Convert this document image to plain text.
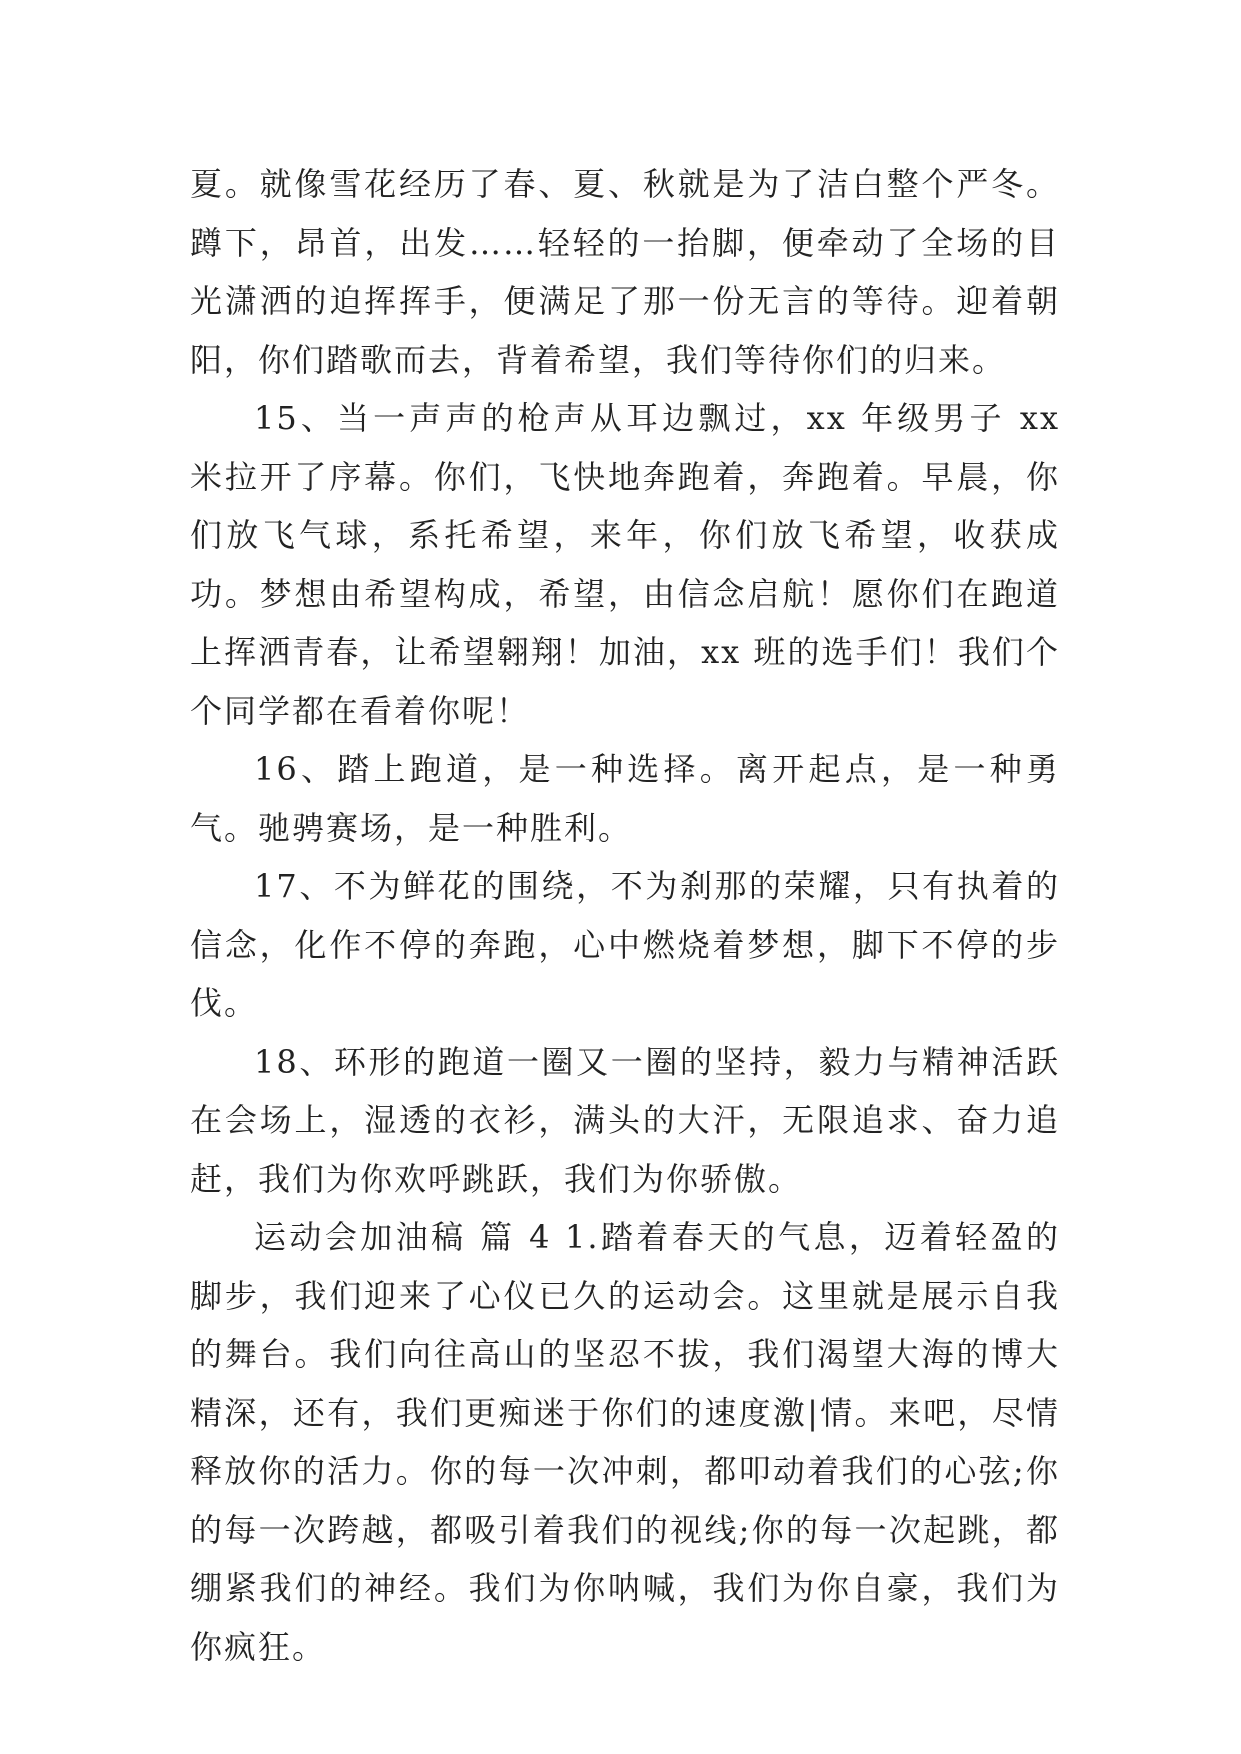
夏。就像雪花经历了春、夏、秋就是为了洁白整个严冬。蹲下，昂首，出发……轻轻的一抬脚，便牵动了全场的目光潇洒的迫挥挥手，便满足了那一份无言的等待。迎着朝阳，你们踏歌而去，背着希望，我们等待你们的归来。

15、当一声声的枪声从耳边飘过，xx 年级男子 xx 米拉开了序幕。你们，飞快地奔跑着，奔跑着。早晨，你们放飞气球，系托希望，来年，你们放飞希望，收获成功。梦想由希望构成，希望，由信念启航！愿你们在跑道上挥洒青春，让希望翱翔！加油，xx 班的选手们！我们个个同学都在看着你呢！

16、踏上跑道，是一种选择。离开起点，是一种勇气。驰骋赛场，是一种胜利。

17、不为鲜花的围绕，不为刹那的荣耀，只有执着的信念，化作不停的奔跑，心中燃烧着梦想，脚下不停的步伐。

18、环形的跑道一圈又一圈的坚持，毅力与精神活跃在会场上，湿透的衣衫，满头的大汗，无限追求、奋力追赶，我们为你欢呼跳跃，我们为你骄傲。

运动会加油稿 篇 4 1.踏着春天的气息，迈着轻盈的脚步，我们迎来了心仪已久的运动会。这里就是展示自我的舞台。我们向往高山的坚忍不拔，我们渴望大海的博大精深，还有，我们更痴迷于你们的速度激|情。来吧，尽情释放你的活力。你的每一次冲刺，都叩动着我们的心弦;你的每一次跨越，都吸引着我们的视线;你的每一次起跳，都绷紧我们的神经。我们为你呐喊，我们为你自豪，我们为你疯狂。
